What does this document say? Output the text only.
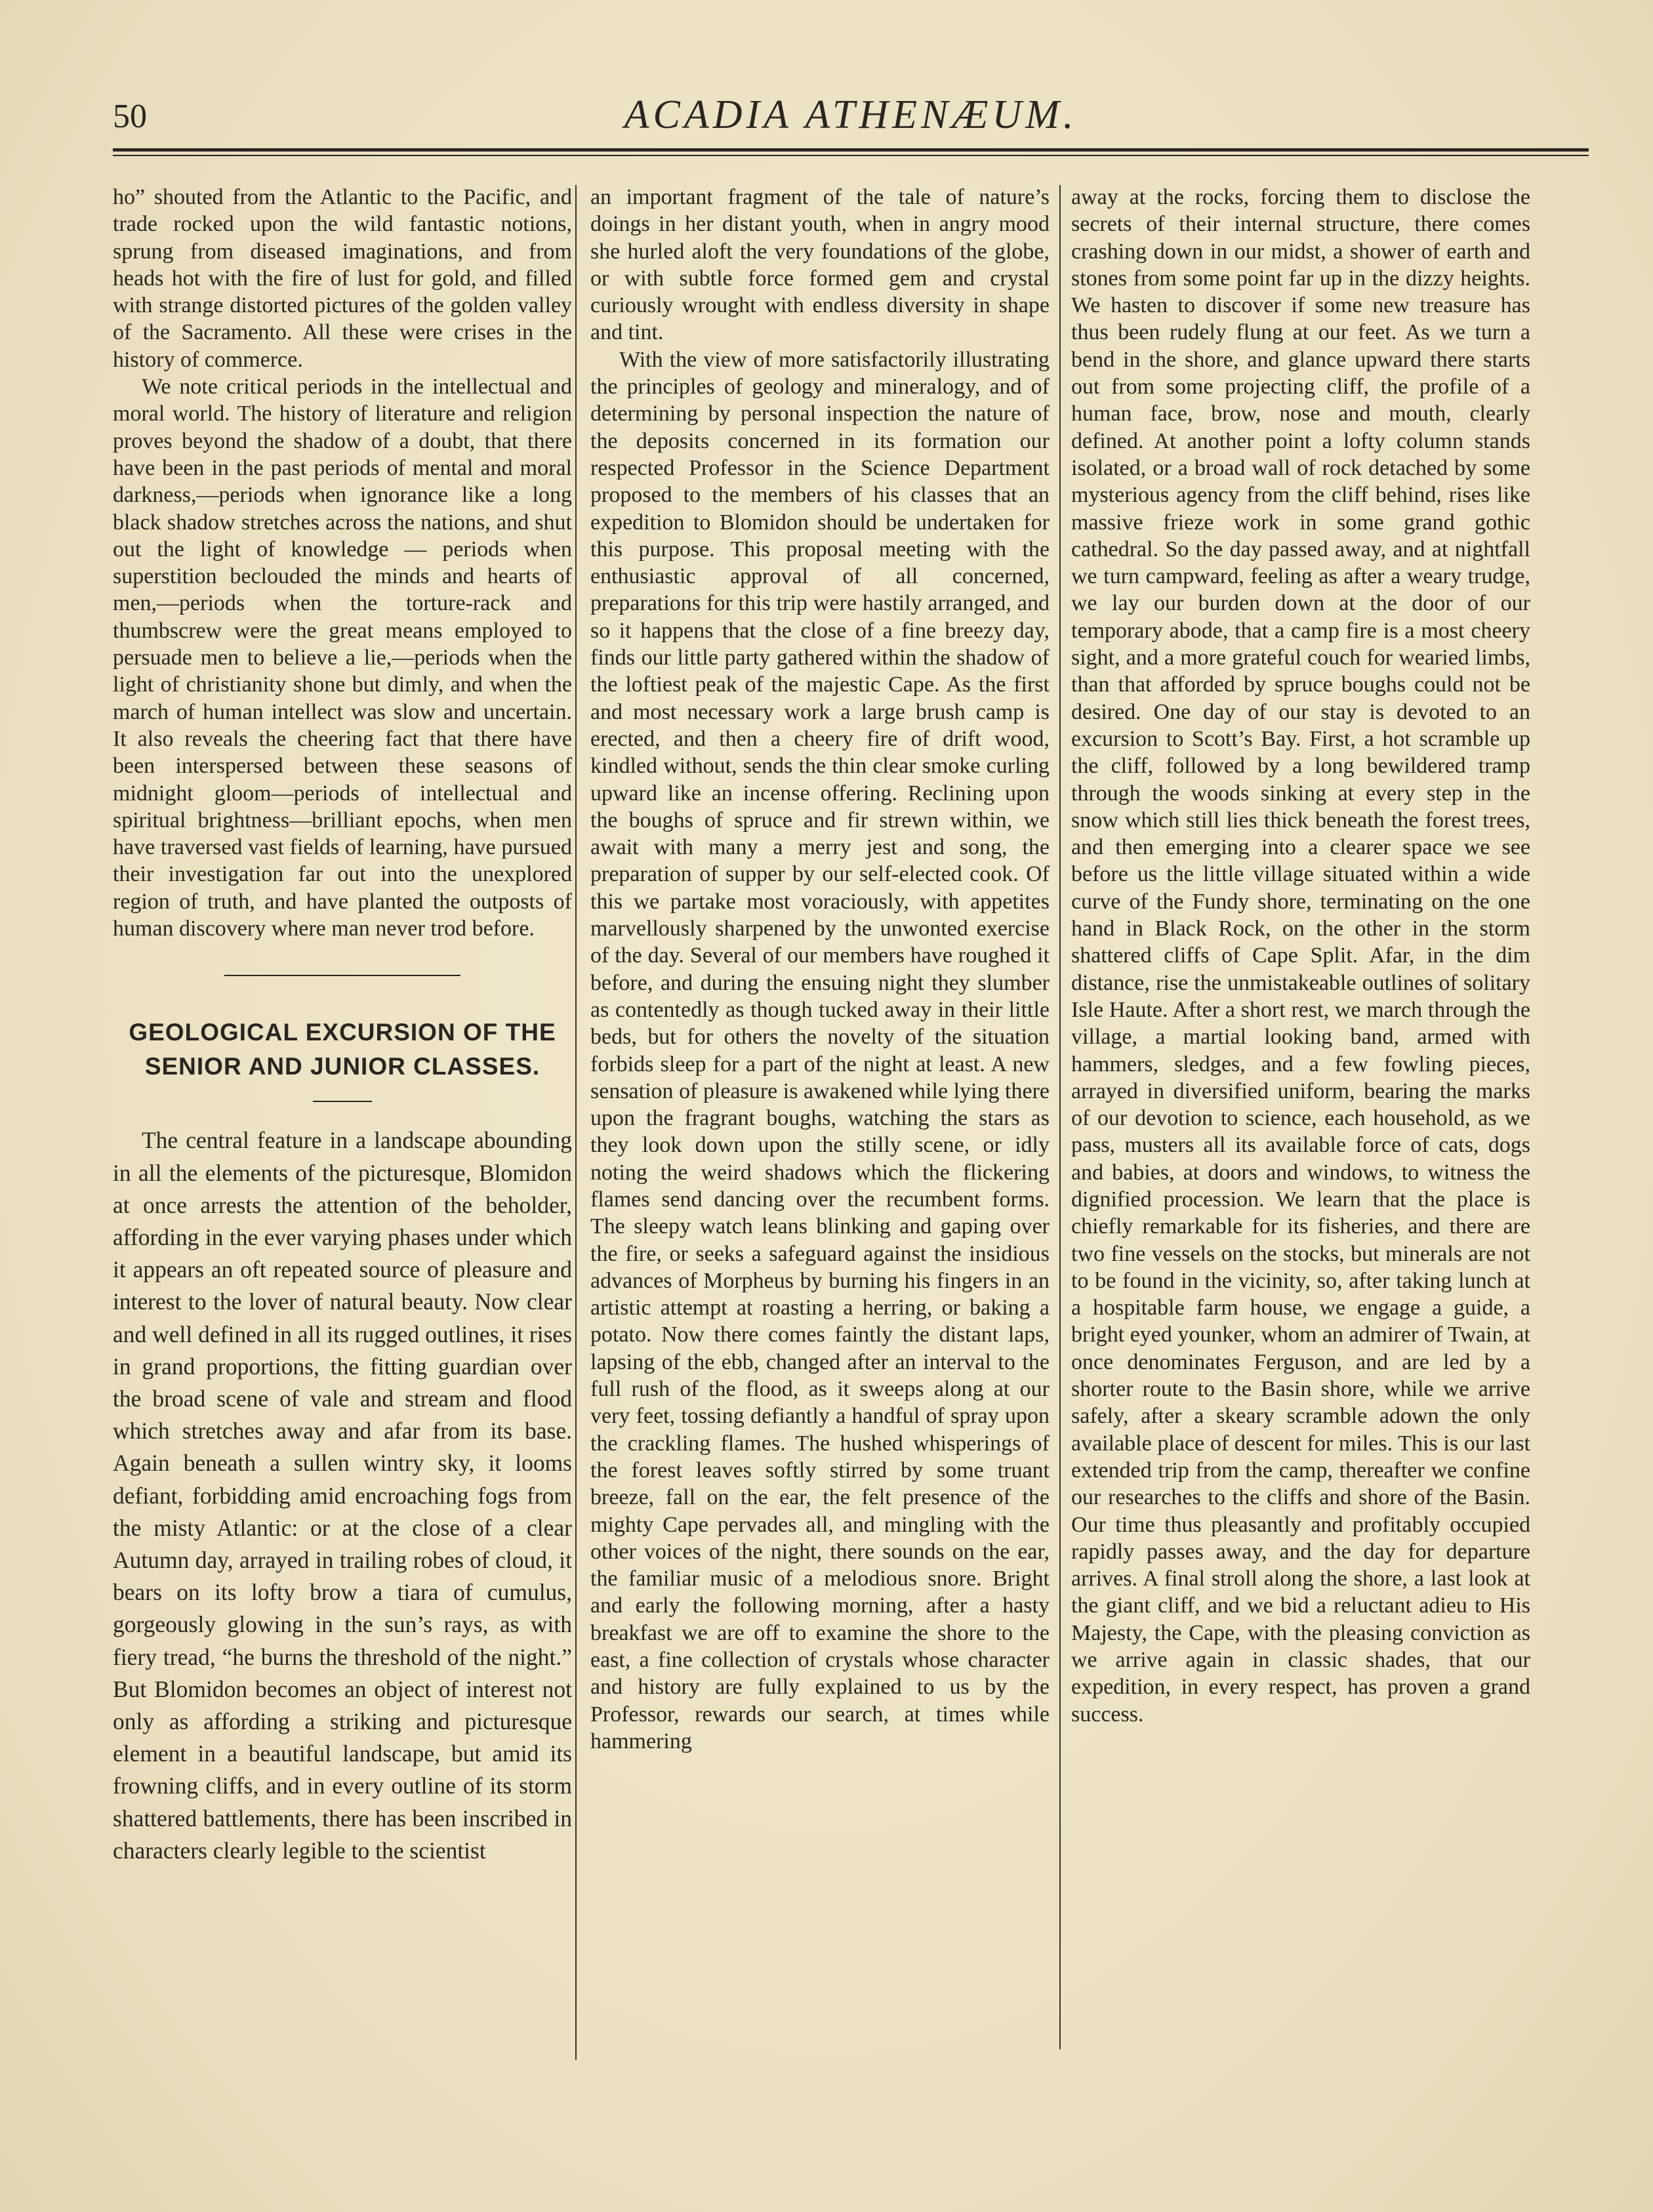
50	ACADIA ATHENÆUM.

ho” shouted from the Atlantic to the Pacific, and trade rocked upon the wild fantastic notions, sprung from diseased imaginations, and from heads hot with the fire of lust for gold, and filled with strange distorted pictures of the golden valley of the Sacramento. All these were crises in the history of commerce.

We note critical periods in the intellectual and moral world. The history of literature and religion proves beyond the shadow of a doubt, that there have been in the past periods of mental and moral darkness,—periods when ignorance like a long black shadow stretches across the nations, and shut out the light of knowledge — periods when superstition beclouded the minds and hearts of men,—periods when the torture-rack and thumbscrew were the great means employed to persuade men to believe a lie,—periods when the light of christianity shone but dimly, and when the march of human intellect was slow and uncertain. It also reveals the cheering fact that there have been interspersed between these seasons of midnight gloom—periods of intellectual and spiritual brightness—brilliant epochs, when men have traversed vast fields of learning, have pursued their investigation far out into the unexplored region of truth, and have planted the outposts of human discovery where man never trod before.

GEOLOGICAL EXCURSION OF THE
SENIOR AND JUNIOR CLASSES.

The central feature in a landscape abounding in all the elements of the picturesque, Blomidon at once arrests the attention of the beholder, affording in the ever varying phases under which it appears an oft repeated source of pleasure and interest to the lover of natural beauty. Now clear and well defined in all its rugged outlines, it rises in grand proportions, the fitting guardian over the broad scene of vale and stream and flood which stretches away and afar from its base. Again beneath a sullen wintry sky, it looms defiant, forbidding amid encroaching fogs from the misty Atlantic: or at the close of a clear Autumn day, arrayed in trailing robes of cloud, it bears on its lofty brow a tiara of cumulus, gorgeously glowing in the sun’s rays, as with fiery tread, “he burns the threshold of the night.” But Blomidon becomes an object of interest not only as affording a striking and picturesque element in a beautiful landscape, but amid its frowning cliffs, and in every outline of its storm shattered battlements, there has been inscribed in characters clearly legible to the scientist

an important fragment of the tale of nature’s doings in her distant youth, when in angry mood she hurled aloft the very foundations of the globe, or with subtle force formed gem and crystal curiously wrought with endless diversity in shape and tint.

With the view of more satisfactorily illustrating the principles of geology and mineralogy, and of determining by personal inspection the nature of the deposits concerned in its formation our respected Professor in the Science Department proposed to the members of his classes that an expedition to Blomidon should be undertaken for this purpose. This proposal meeting with the enthusiastic approval of all concerned, preparations for this trip were hastily arranged, and so it happens that the close of a fine breezy day, finds our little party gathered within the shadow of the loftiest peak of the majestic Cape. As the first and most necessary work a large brush camp is erected, and then a cheery fire of drift wood, kindled without, sends the thin clear smoke curling upward like an incense offering. Reclining upon the boughs of spruce and fir strewn within, we await with many a merry jest and song, the preparation of supper by our self-elected cook. Of this we partake most voraciously, with appetites marvellously sharpened by the unwonted exercise of the day. Several of our members have roughed it before, and during the ensuing night they slumber as contentedly as though tucked away in their little beds, but for others the novelty of the situation forbids sleep for a part of the night at least. A new sensation of pleasure is awakened while lying there upon the fragrant boughs, watching the stars as they look down upon the stilly scene, or idly noting the weird shadows which the flickering flames send dancing over the recumbent forms. The sleepy watch leans blinking and gaping over the fire, or seeks a safeguard against the insidious advances of Morpheus by burning his fingers in an artistic attempt at roasting a herring, or baking a potato. Now there comes faintly the distant laps, lapsing of the ebb, changed after an interval to the full rush of the flood, as it sweeps along at our very feet, tossing defiantly a handful of spray upon the crackling flames. The hushed whisperings of the forest leaves softly stirred by some truant breeze, fall on the ear, the felt presence of the mighty Cape pervades all, and mingling with the other voices of the night, there sounds on the ear, the familiar music of a melodious snore. Bright and early the following morning, after a hasty breakfast we are off to examine the shore to the east, a fine collection of crystals whose character and history are fully explained to us by the Professor, rewards our search, at times while hammering

away at the rocks, forcing them to disclose the secrets of their internal structure, there comes crashing down in our midst, a shower of earth and stones from some point far up in the dizzy heights. We hasten to discover if some new treasure has thus been rudely flung at our feet. As we turn a bend in the shore, and glance upward there starts out from some projecting cliff, the profile of a human face, brow, nose and mouth, clearly defined. At another point a lofty column stands isolated, or a broad wall of rock detached by some mysterious agency from the cliff behind, rises like massive frieze work in some grand gothic cathedral. So the day passed away, and at nightfall we turn campward, feeling as after a weary trudge, we lay our burden down at the door of our temporary abode, that a camp fire is a most cheery sight, and a more grateful couch for wearied limbs, than that afforded by spruce boughs could not be desired. One day of our stay is devoted to an excursion to Scott’s Bay. First, a hot scramble up the cliff, followed by a long bewildered tramp through the woods sinking at every step in the snow which still lies thick beneath the forest trees, and then emerging into a clearer space we see before us the little village situated within a wide curve of the Fundy shore, terminating on the one hand in Black Rock, on the other in the storm shattered cliffs of Cape Split. Afar, in the dim distance, rise the unmistakeable outlines of solitary Isle Haute. After a short rest, we march through the village, a martial looking band, armed with hammers, sledges, and a few fowling pieces, arrayed in diversified uniform, bearing the marks of our devotion to science, each household, as we pass, musters all its available force of cats, dogs and babies, at doors and windows, to witness the dignified procession. We learn that the place is chiefly remarkable for its fisheries, and there are two fine vessels on the stocks, but minerals are not to be found in the vicinity, so, after taking lunch at a hospitable farm house, we engage a guide, a bright eyed younker, whom an admirer of Twain, at once denominates Ferguson, and are led by a shorter route to the Basin shore, while we arrive safely, after a skeary scramble adown the only available place of descent for miles. This is our last extended trip from the camp, thereafter we confine our researches to the cliffs and shore of the Basin. Our time thus pleasantly and profitably occupied rapidly passes away, and the day for departure arrives. A final stroll along the shore, a last look at the giant cliff, and we bid a reluctant adieu to His Majesty, the Cape, with the pleasing conviction as we arrive again in classic shades, that our expedition, in every respect, has proven a grand success.
